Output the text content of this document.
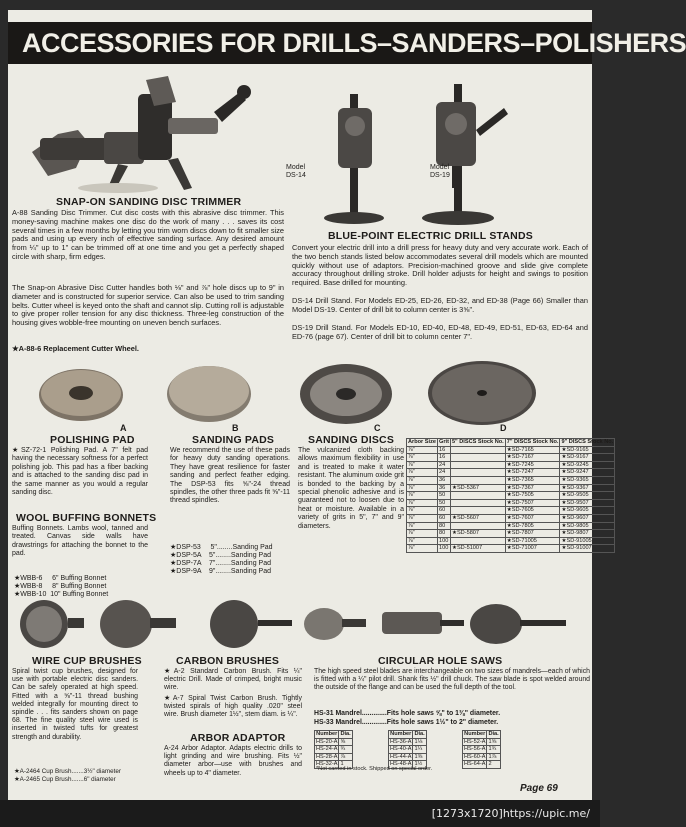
ACCESSORIES FOR DRILLS–SANDERS–POLISHERS
SNAP-ON SANDING DISC TRIMMER

A-88 Sanding Disc Trimmer. Cut disc costs with this abrasive disc trimmer. This money-saving machine makes one disc do the work of many . . . saves its cost several times in a few months by letting you trim worn discs down to fit smaller size pads and using up every inch of effective sanding surface. Any desired amount from ¼" up to 1" can be trimmed off at one time and you get a perfectly shaped circle with sharp, firm edges.

The Snap-on Abrasive Disc Cutter handles both ⅛" and ⅞" hole discs up to 9" in diameter and is constructed for superior service. Can also be used to trim sanding belts. Cutter wheel is keyed onto the shaft and cannot slip. Cutting roll is adjustable to give proper roller tension for any disc thickness. Three-leg construction of the housing gives wobble-free mounting on uneven bench surfaces.

★A-88-6 Replacement Cutter Wheel.

Model
DS-14
Model
DS-19
BLUE-POINT ELECTRIC DRILL STANDS

Convert your electric drill into a drill press for heavy duty and very accurate work. Each of the two bench stands listed below accommodates several drill models which are mounted quickly without use of adaptors. Precision-machined groove and slide give complete accuracy throughout drilling stroke. Drill holder adjusts for height and swings to position required. Base drilled for mounting.

DS-14 Drill Stand. For Models ED-25, ED-26, ED-32, and ED-38 (Page 66) Smaller than Model DS-19. Center of drill bit to column center is 3⅝".

DS-19 Drill Stand. For Models ED-10, ED-40, ED-48, ED-49, ED-51, ED-63, ED-64 and ED-76 (page 67). Center of drill bit to column center 7".

A	B	C	D
POLISHING PAD

★SZ-72-1 Polishing Pad. A 7" felt pad having the necessary softness for a perfect polishing job. This pad has a fiber backing and is attached to the sanding disc pad in the same manner as you would a regular sanding disc.

WOOL BUFFING BONNETS

Buffing Bonnets. Lambs wool, tanned and treated. Canvas side walls have drawstrings for attaching the bonnet to the pad.

★WBB-6     6" Buffing Bonnet
★WBB-8     8" Buffing Bonnet
★WBB-10  10" Buffing Bonnet
SANDING PADS

We recommend the use of these pads for heavy duty sanding operations. They have great resilience for faster sanding and perfect feather edging. The DSP-53 fits ⅝"-24 thread spindles, the other three pads fit ⅝"-11 thread spindles.

★DSP-53     5"........Sanding Pad
★DSP-5A    5"........Sanding Pad
★DSP-7A    7"........Sanding Pad
★DSP-9A    9"........Sanding Pad
SANDING DISCS

The vulcanized cloth backing allows maximum flexibility in use and is treated to make it water resistant. The aluminum oxide grit is bonded to the backing by a special phenolic adhesive and is guaranteed not to loosen due to heat or moisture. Available in a variety of grits in 5", 7" and 9" diameters.

Arbor Size	Grit	5" DISCS Stock No.	7" DISCS Stock No.	9" DISCS Stock No.
⅞"	16		★SD-7165	★SD-9165
⅞"	16		★SD-7167	★SD-9167
⅞"	24		★SD-7245	★SD-9245
⅞"	24		★SD-7247	★SD-9247
⅞"	36		★SD-7365	★SD-9365
⅞"	36	★SD-5367	★SD-7367	★SD-9367
⅞"	50		★SD-7505	★SD-9505
⅞"	50		★SD-7507	★SD-9507
⅞"	60		★SD-7605	★SD-9605
⅞"	60	★SD-5607	★SD-7607	★SD-9607
⅞"	80		★SD-7805	★SD-9805
⅞"	80	★SD-5807	★SD-7807	★SD-9807
⅞"	100		★SD-71005	★SD-91005
⅞"	100	★SD-51007	★SD-71007	★SD-91007
WIRE CUP BRUSHES

Spiral twist cup brushes, designed for use with portable electric disc sanders. Can be safely operated at high speed. Fitted with a ⅝"-11 thread bushing welded integrally for mounting direct to spindle . . . fits sanders shown on page 68. The fine quality steel wire used is inserted in twisted tufts for greatest strength and durability.

★A-2464 Cup Brush.......3½" diameter
★A-2465 Cup Brush.......6" diameter
CARBON BRUSHES

★A-2 Standard Carbon Brush. Fits ¼" electric Drill. Made of crimped, bright music wire.

★A-7 Spiral Twist Carbon Brush. Tightly twisted spirals of high quality .020" steel wire. Brush diameter 1½", stem diam. is ¼".

ARBOR ADAPTOR

A-24 Arbor Adaptor. Adapts electric drills to light grinding and wire brushing. Fits ½" diameter arbor—use with brushes and wheels up to 4" diameter.

CIRCULAR HOLE SAWS

The high speed steel blades are interchangeable on two sizes of mandrels—each of which is fitted with a ¼" pilot drill. Shank fits ½" drill chuck. The saw blade is spot welded around the outside of the flange and can be used the full depth of the tool.

HS-31 Mandrel.............Fits hole saws ⅝" to 1⅜" diameter.
HS-33 Mandrel.............Fits hole saws 1½" to 2" diameter.
Number	Dia.
HS-20-A	⅝
HS-24-A	¾
HS-28-A	⅞
HS-32-A	1
Number	Dia.
HS-36-A	1⅛
HS-40-A	1¼
HS-44-A	1⅜
HS-48-A	1½
Number	Dia.
HS-52-A	1⅝
HS-56-A	1¾
HS-60-A	1⅞
HS-64-A	2
*Not carried in stock. Shipped on special order.
Page 69
[1273x1720]https://upic.me/
